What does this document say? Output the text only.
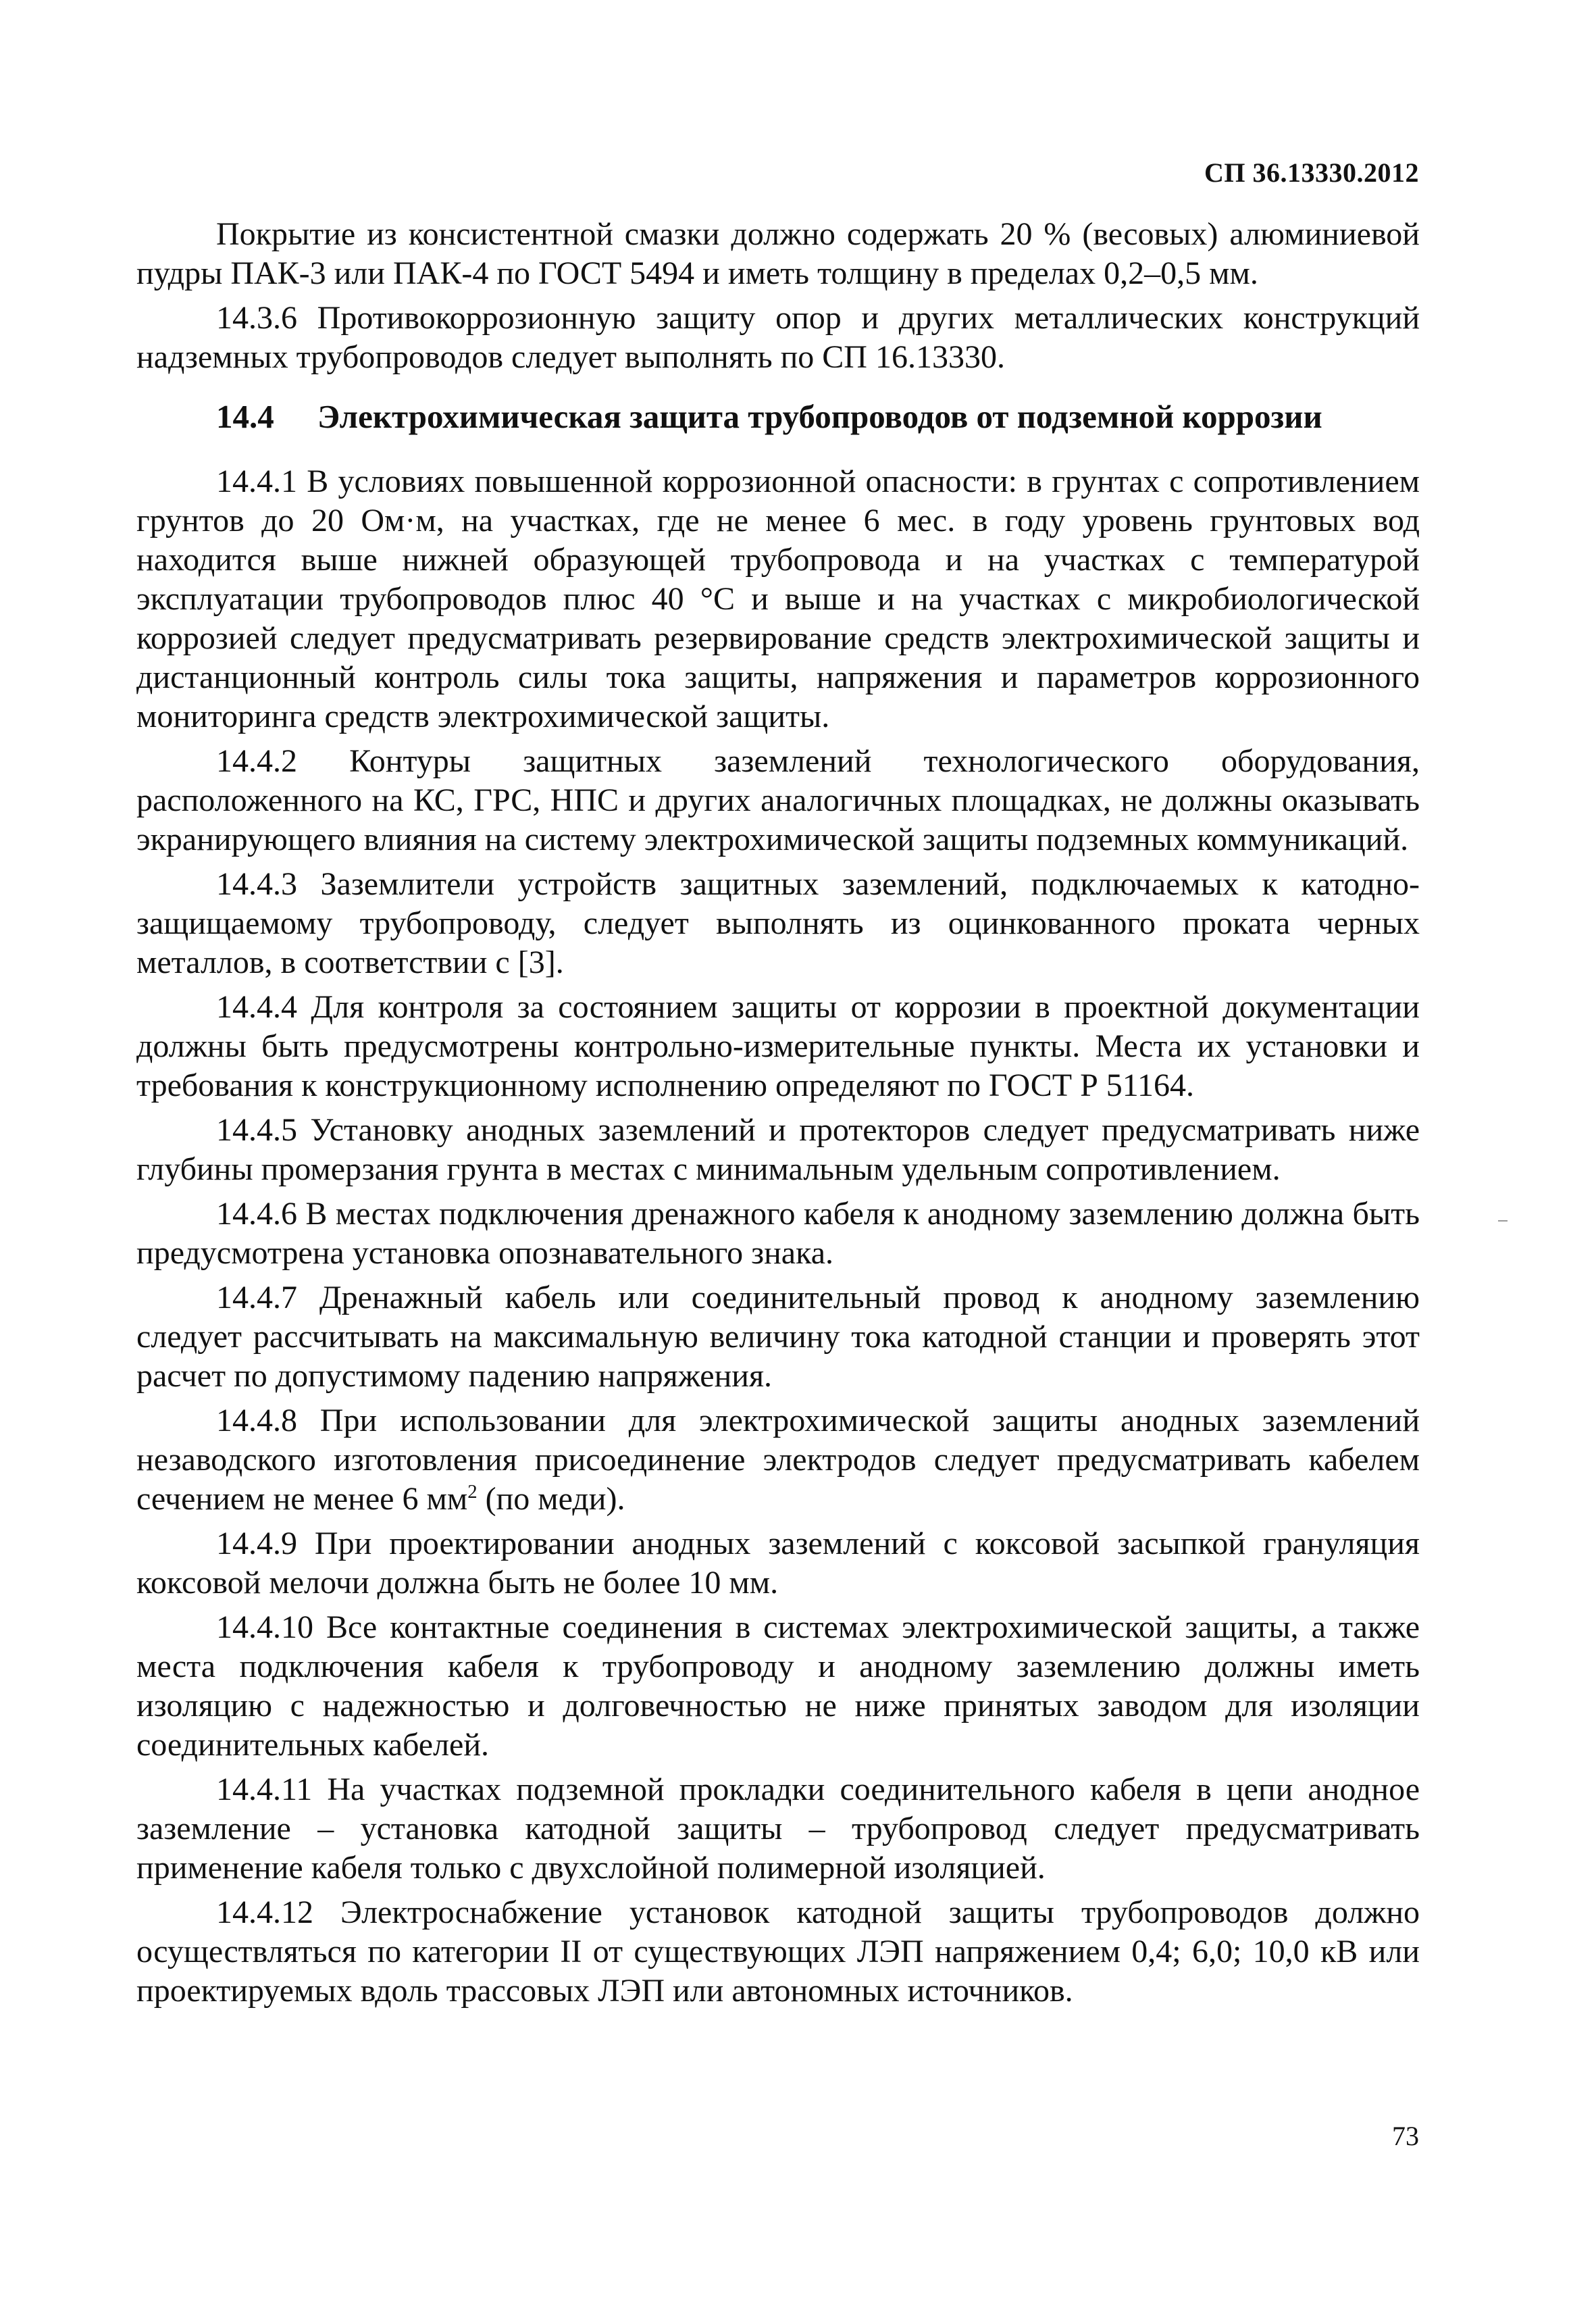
СП 36.13330.2012

Покрытие из консистентной смазки должно содержать 20 % (весовых) алюминиевой пудры ПАК-3 или ПАК-4 по ГОСТ 5494 и иметь толщину в пределах 0,2–0,5 мм.

14.3.6 Противокоррозионную защиту опор и других металлических конструкций надземных трубопроводов следует выполнять по СП 16.13330.

14.4 Электрохимическая защита трубопроводов от подземной коррозии

14.4.1 В условиях повышенной коррозионной опасности: в грунтах с сопротивлением грунтов до 20 Ом·м, на участках, где не менее 6 мес. в году уровень грунтовых вод находится выше нижней образующей трубопровода и на участках с температурой эксплуатации трубопроводов плюс 40 °С и выше и на участках с микробиологической коррозией следует предусматривать резервирование средств электрохимической защиты и дистанционный контроль силы тока защиты, напряжения и параметров коррозионного мониторинга средств электрохимической защиты.

14.4.2 Контуры защитных заземлений технологического оборудования, расположенного на КС, ГРС, НПС и других аналогичных площадках, не должны оказывать экранирующего влияния на систему электрохимической защиты подземных коммуникаций.

14.4.3 Заземлители устройств защитных заземлений, подключаемых к катодно-защищаемому трубопроводу, следует выполнять из оцинкованного проката черных металлов, в соответствии с [3].

14.4.4 Для контроля за состоянием защиты от коррозии в проектной документации должны быть предусмотрены контрольно-измерительные пункты. Места их установки и требования к конструкционному исполнению определяют по ГОСТ Р 51164.

14.4.5 Установку анодных заземлений и протекторов следует предусматривать ниже глубины промерзания грунта в местах с минимальным удельным сопротивлением.

14.4.6 В местах подключения дренажного кабеля к анодному заземлению должна быть предусмотрена установка опознавательного знака.

14.4.7 Дренажный кабель или соединительный провод к анодному заземлению следует рассчитывать на максимальную величину тока катодной станции и проверять этот расчет по допустимому падению напряжения.

14.4.8 При использовании для электрохимической защиты анодных заземлений незаводского изготовления присоединение электродов следует предусматривать кабелем сечением не менее 6 $мм^2$ (по меди).

14.4.9 При проектировании анодных заземлений с коксовой засыпкой грануляция коксовой мелочи должна быть не более 10 мм.

14.4.10 Все контактные соединения в системах электрохимической защиты, а также места подключения кабеля к трубопроводу и анодному заземлению должны иметь изоляцию с надежностью и долговечностью не ниже принятых заводом для изоляции соединительных кабелей.

14.4.11 На участках подземной прокладки соединительного кабеля в цепи анодное заземление – установка катодной защиты – трубопровод следует предусматривать применение кабеля только с двухслойной полимерной изоляцией.

14.4.12 Электроснабжение установок катодной защиты трубопроводов должно осуществляться по категории II от существующих ЛЭП напряжением 0,4; 6,0; 10,0 кВ или проектируемых вдоль трассовых ЛЭП или автономных источников.

73
